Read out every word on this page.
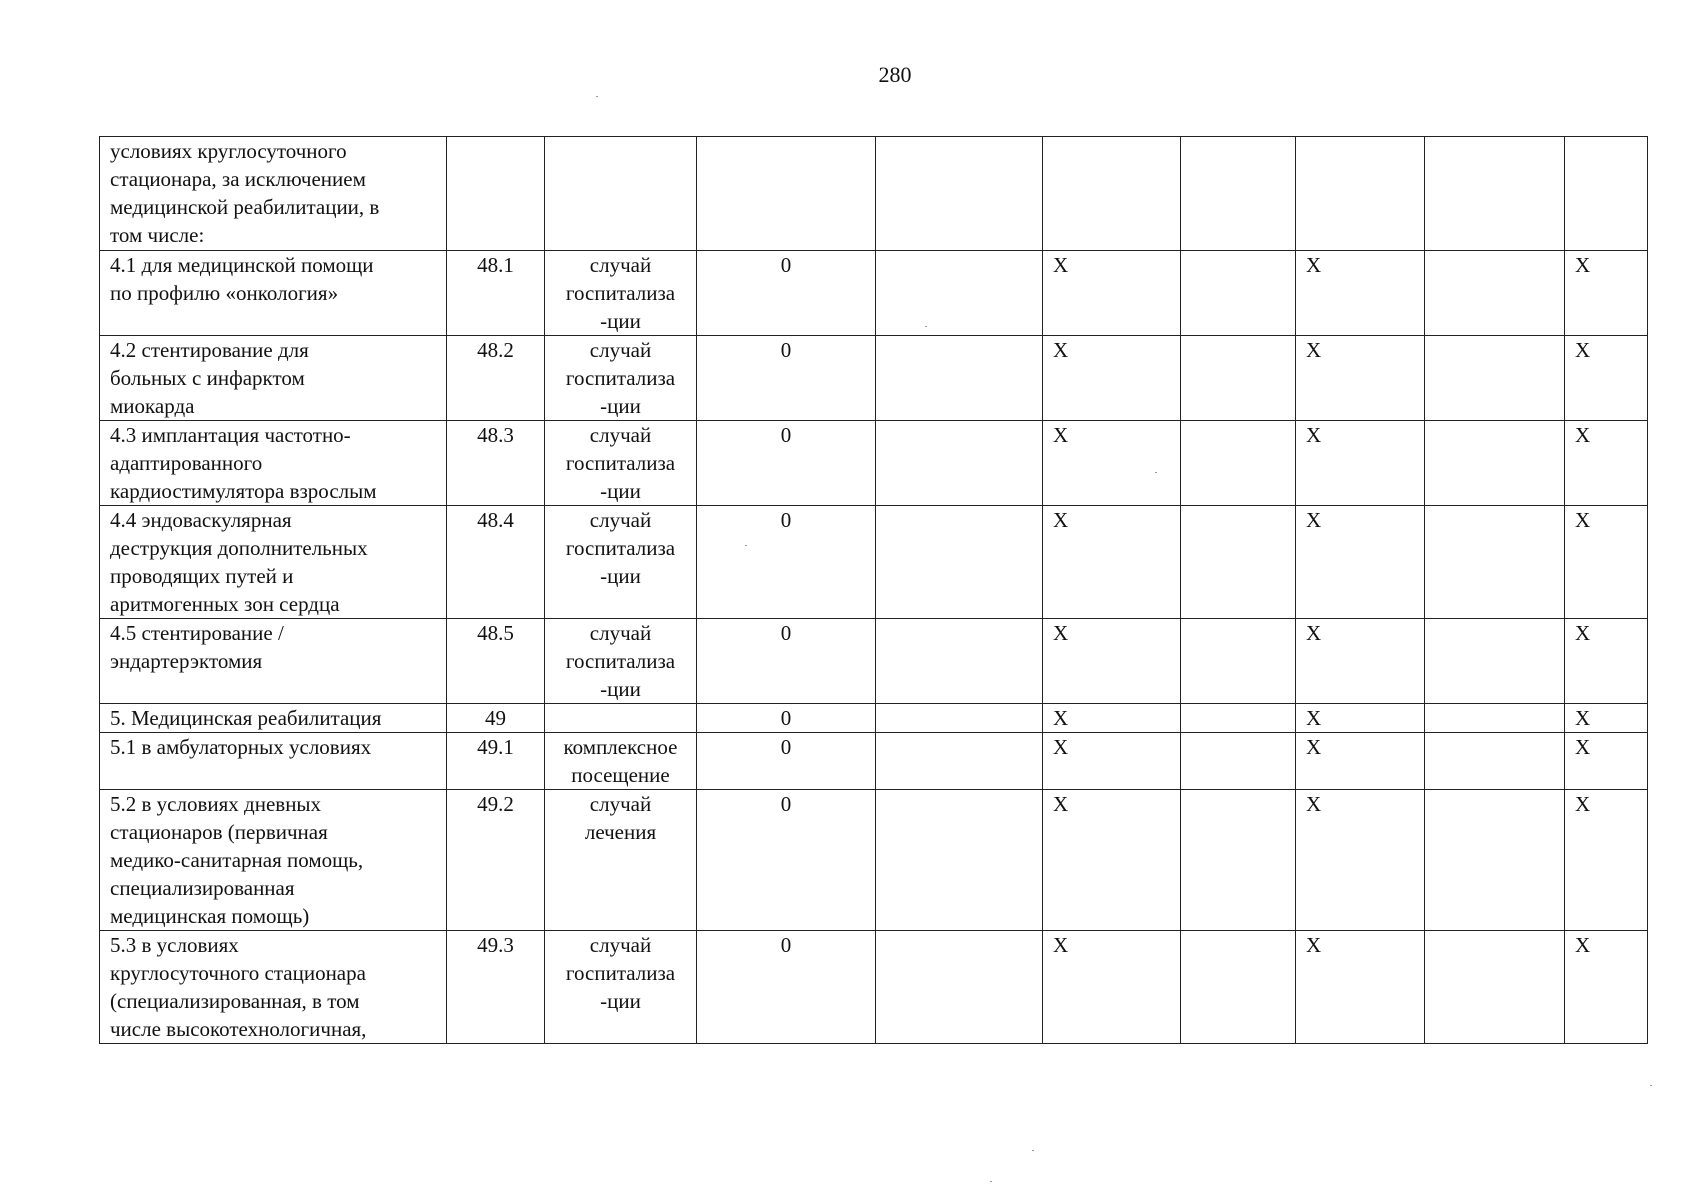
280
условиях круглосуточного
стационара, за исключением
медицинской реабилитации, в
том числе:									

4.1 для медицинской помощи
по профилю «онкология»	48.1	случай
госпитализа
-ции	0		X		X		X

4.2 стентирование для
больных с инфарктом
миокарда	48.2	случай
госпитализа
-ции	0		X		X		X

4.3 имплантация частотно-
адаптированного
кардиостимулятора взрослым	48.3	случай
госпитализа
-ции	0		X		X		X

4.4 эндоваскулярная
деструкция дополнительных
проводящих путей и
аритмогенных зон сердца	48.4	случай
госпитализа
-ции	0		X		X		X

4.5 стентирование /
эндартерэктомия	48.5	случай
госпитализа
-ции	0		X		X		X

5. Медицинская реабилитация	49		0		X		X		X

5.1 в амбулаторных условиях	49.1	комплексное
посещение	0		X		X		X

5.2 в условиях дневных
стационаров (первичная
медико-санитарная помощь,
специализированная
медицинская помощь)	49.2	случай
лечения	0		X		X		X

5.3 в условиях
круглосуточного стационара
(специализированная, в том
числе высокотехнологичная,	49.3	случай
госпитализа
-ции	0		X		X		X
